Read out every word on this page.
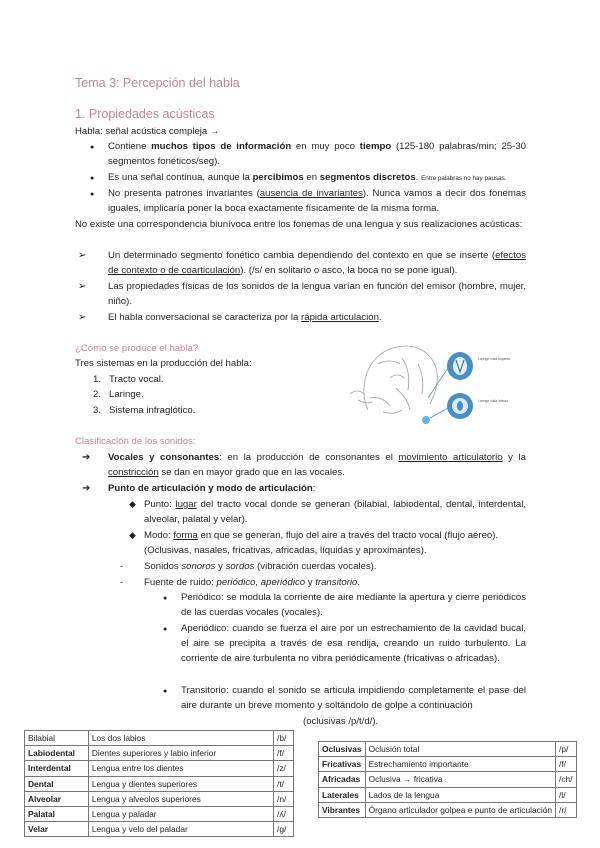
Tema 3: Percepción del habla
1. Propiedades acústicas
Habla: señal acústica compleja →
Contiene muchos tipos de información en muy poco tiempo (125-180 palabras/min; 25-30 segmentos fonéticos/seg).
Es una señal continua, aunque la percibimos en segmentos discretos. Entre palabras no hay pausas.
No presenta patrones invariantes (ausencia de invariantes). Nunca vamos a decir dos fonemas iguales, implicaría poner la boca exactamente físicamente de la misma forma.
No existe una correspondencia biunívoca entre los fonemas de una lengua y sus realizaciones acústicas:
➢ Un determinado segmento fonético cambia dependiendo del contexto en que se inserte (efectos de contexto o de coarticulación). (/s/ en solitario o asco, la boca no se pone igual).
➢ Las propiedades físicas de los sonidos de la lengua varían en función del emisor (hombre, mujer, niño).
➢ El habla conversacional se caracteriza por la rápida articulación.
¿Cómo se produce el habla?
Tres sistemas en la producción del habla:
1.   Tracto vocal.
2.   Laringe.
3.   Sistema infraglótico.
Laringe vista superior
Laringe vista inferior
Clasificación de los sonidos:
➔ Vocales y consonantes: en la producción de consonantes el movimiento articulatorio y la constricción se dan en mayor grado que en las vocales.
➔ Punto de articulación y modo de articulación:
◆ Punto: lugar del tracto vocal donde se generan (bilabial, labiodental, dental, interdental, alveolar, palatal y velar).
◆ Modo: forma en que se generan, flujo del aire a través del tracto vocal (flujo aéreo).
(Oclusivas, nasales, fricativas, africadas, líquidas y aproximantes).
- Sonidos sonoros y sordos (vibración cuerdas vocales).
- Fuente de ruido: periódico, aperiódico y transitorio.
Periódico: se modula la corriente de aire mediante la apertura y cierre periódicos de las cuerdas vocales (vocales).
Aperiódico: cuando se fuerza el aire por un estrechamiento de la cavidad bucal, el aire se precipita a través de esa rendija, creando un ruido turbulento. La corriente de aire turbulenta no vibra periódicamente (fricativas o africadas).
Transitorio: cuando el sonido se articula impidiendo completamente el pase del aire durante un breve momento y soltándolo de golpe a continuación
(oclusivas /p/t/d/).
Bilabial	Los dos labios	/b/
Labiodental	Dientes superiores y labio inferior	/f/
Interdental	Lengua entre los dientes	/z/
Dental	Lengua y dientes superiores	/t/
Alveolar	Lengua y alveolos superiores	/n/
Palatal	Lengua y paladar	/ʎ/
Velar	Lengua y velo del paladar	/g/
Oclusivas	Oclusión total	/p/
Fricativas	Estrechamiento importante	/f/
Africadas	Oclusiva → fricativa	/ch/
Laterales	Lados de la lengua	/l/
Vibrantes	Órgano articulador golpea e punto de articulación	/r/
